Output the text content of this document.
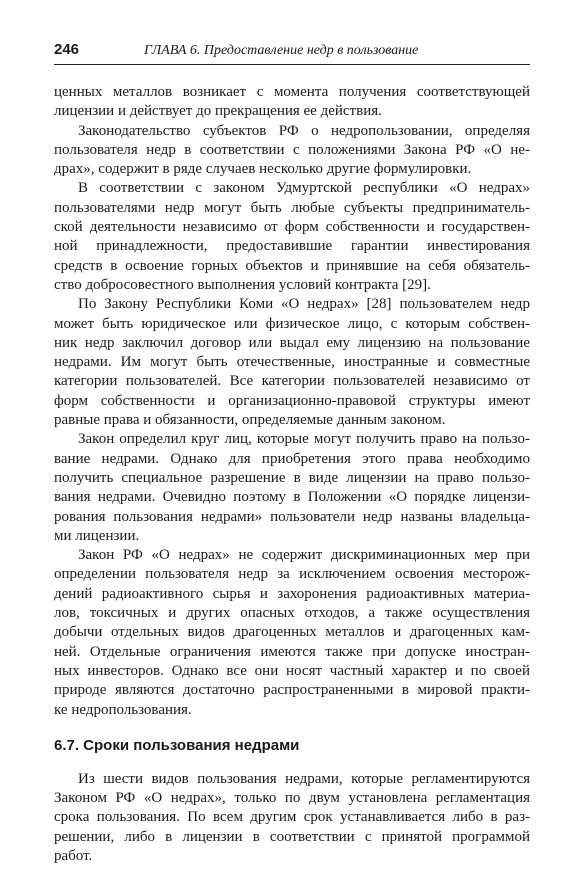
246	ГЛАВА 6. Предоставление недр в пользование
ценных металлов возникает с момента получения соответствующей
лицензии и действует до прекращения ее действия.
Законодательство субъектов РФ о недропользовании, определяя
пользователя недр в соответствии с положениями Закона РФ «О не-
драх», содержит в ряде случаев несколько другие формулировки.
В соответствии с законом Удмуртской республики «О недрах»
пользователями недр могут быть любые субъекты предприниматель-
ской деятельности независимо от форм собственности и государствен-
ной принадлежности, предоставившие гарантии инвестирования
средств в освоение горных объектов и принявшие на себя обязатель-
ство добросовестного выполнения условий контракта [29].
По Закону Республики Коми «О недрах» [28] пользователем недр
может быть юридическое или физическое лицо, с которым собствен-
ник недр заключил договор или выдал ему лицензию на пользование
недрами. Им могут быть отечественные, иностранные и совместные
категории пользователей. Все категории пользователей независимо от
форм собственности и организационно-правовой структуры имеют
равные права и обязанности, определяемые данным законом.
Закон определил круг лиц, которые могут получить право на пользо-
вание недрами. Однако для приобретения этого права необходимо
получить специальное разрешение в виде лицензии на право пользо-
вания недрами. Очевидно поэтому в Положении «О порядке лицензи-
рования пользования недрами» пользователи недр названы владельца-
ми лицензии.
Закон РФ «О недрах» не содержит дискриминационных мер при
определении пользователя недр за исключением освоения месторож-
дений радиоактивного сырья и захоронения радиоактивных материа-
лов, токсичных и других опасных отходов, а также осуществления
добычи отдельных видов драгоценных металлов и драгоценных кам-
ней. Отдельные ограничения имеются также при допуске иностран-
ных инвесторов. Однако все они носят частный характер и по своей
природе являются достаточно распространенными в мировой практи-
ке недропользования.
6.7. Сроки пользования недрами
Из шести видов пользования недрами, которые регламентируются
Законом РФ «О недрах», только по двум установлена регламентация
срока пользования. По всем другим срок устанавливается либо в раз-
решении, либо в лицензии в соответствии с принятой программой
работ.
